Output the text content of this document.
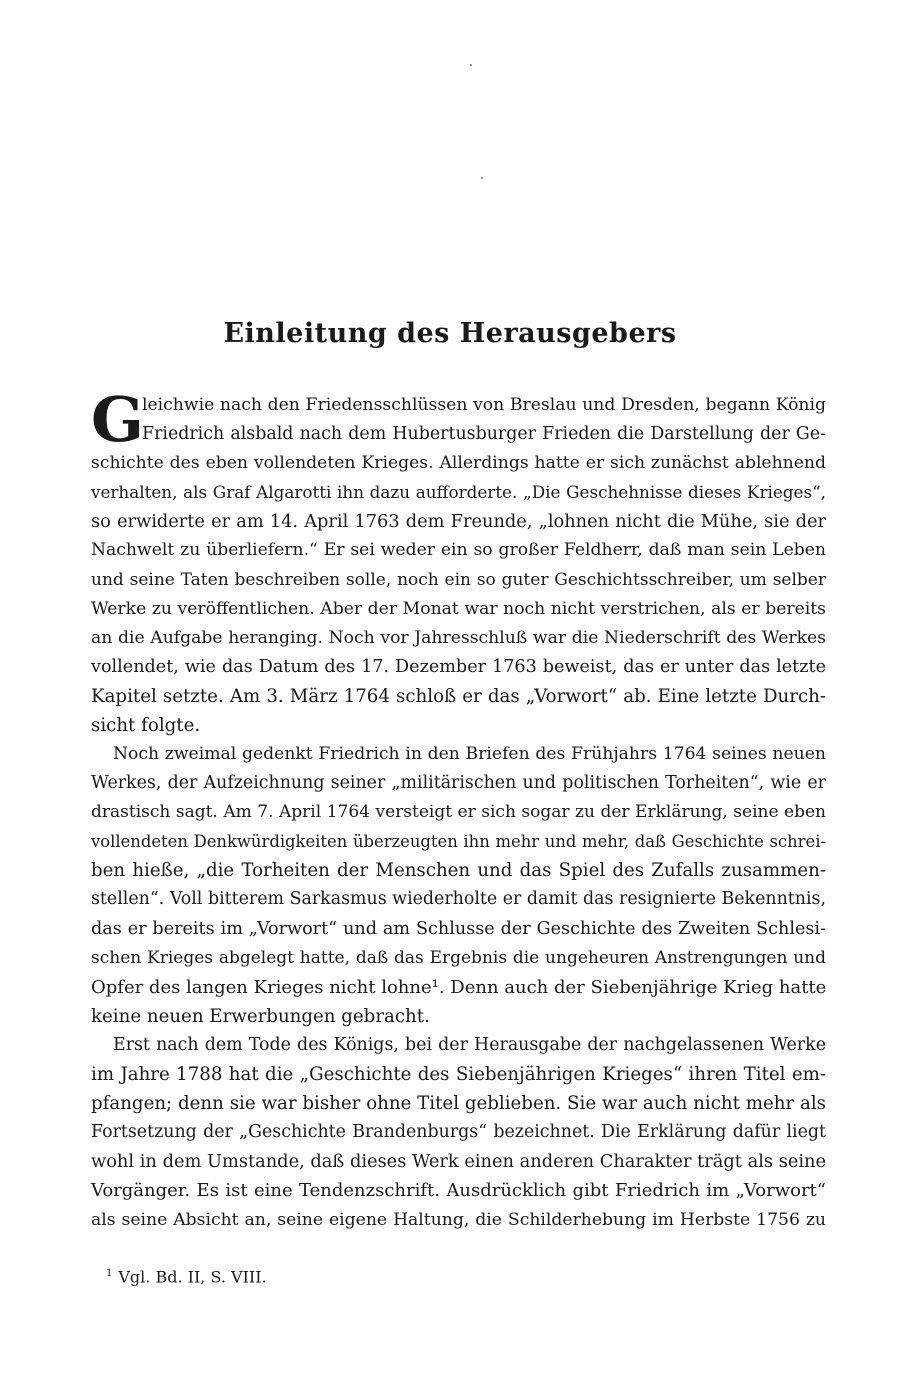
Einleitung des Herausgebers
G
leichwie nach den Friedensschlüssen von Breslau und Dresden, begann König
Friedrich alsbald nach dem Hubertusburger Frieden die Darstellung der Ge-
schichte des eben vollendeten Krieges. Allerdings hatte er sich zunächst ablehnend
verhalten, als Graf Algarotti ihn dazu aufforderte. „Die Geschehnisse dieses Krieges“,
so erwiderte er am 14. April 1763 dem Freunde, „lohnen nicht die Mühe, sie der
Nachwelt zu überliefern.“ Er sei weder ein so großer Feldherr, daß man sein Leben
und seine Taten beschreiben solle, noch ein so guter Geschichtsschreiber, um selber
Werke zu veröffentlichen. Aber der Monat war noch nicht verstrichen, als er bereits
an die Aufgabe heranging. Noch vor Jahresschluß war die Niederschrift des Werkes
vollendet, wie das Datum des 17. Dezember 1763 beweist, das er unter das letzte
Kapitel setzte. Am 3. März 1764 schloß er das „Vorwort“ ab. Eine letzte Durch-
sicht folgte.
Noch zweimal gedenkt Friedrich in den Briefen des Frühjahrs 1764 seines neuen
Werkes, der Aufzeichnung seiner „militärischen und politischen Torheiten“, wie er
drastisch sagt. Am 7. April 1764 versteigt er sich sogar zu der Erklärung, seine eben
vollendeten Denkwürdigkeiten überzeugten ihn mehr und mehr, daß Geschichte schrei-
ben hieße, „die Torheiten der Menschen und das Spiel des Zufalls zusammen-
stellen“. Voll bitterem Sarkasmus wiederholte er damit das resignierte Bekenntnis,
das er bereits im „Vorwort“ und am Schlusse der Geschichte des Zweiten Schlesi-
schen Krieges abgelegt hatte, daß das Ergebnis die ungeheuren Anstrengungen und
Opfer des langen Krieges nicht lohne¹. Denn auch der Siebenjährige Krieg hatte
keine neuen Erwerbungen gebracht.
Erst nach dem Tode des Königs, bei der Herausgabe der nachgelassenen Werke
im Jahre 1788 hat die „Geschichte des Siebenjährigen Krieges“ ihren Titel em-
pfangen; denn sie war bisher ohne Titel geblieben. Sie war auch nicht mehr als
Fortsetzung der „Geschichte Brandenburgs“ bezeichnet. Die Erklärung dafür liegt
wohl in dem Umstande, daß dieses Werk einen anderen Charakter trägt als seine
Vorgänger. Es ist eine Tendenzschrift. Ausdrücklich gibt Friedrich im „Vorwort“
als seine Absicht an, seine eigene Haltung, die Schilderhebung im Herbste 1756 zu
$^1$ Vgl. Bd. II, S. VIII.
